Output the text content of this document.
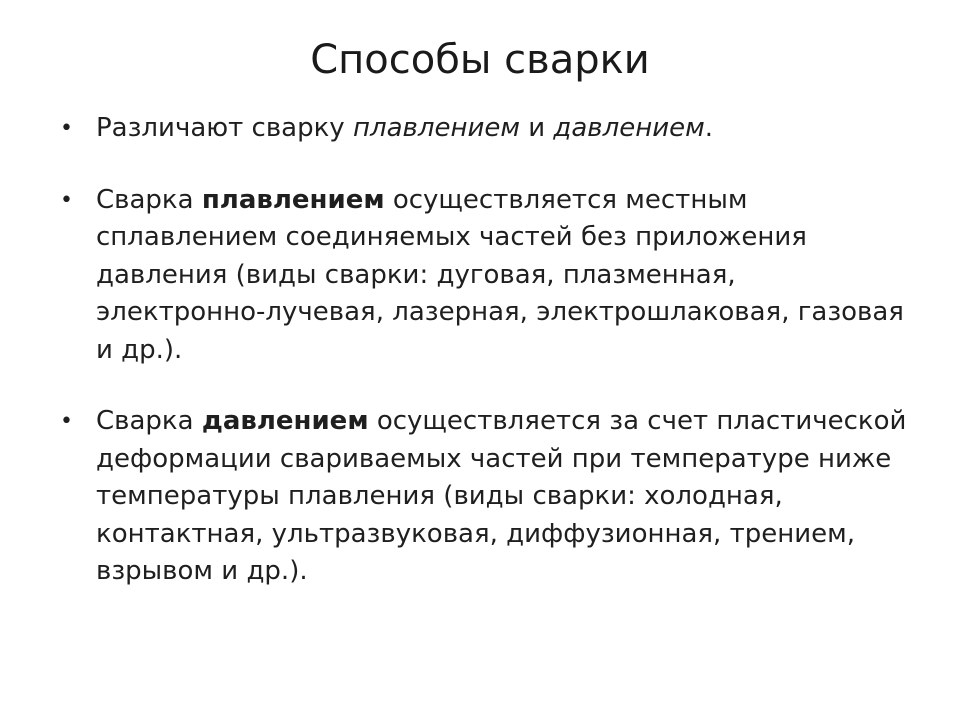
Способы сварки
• Различают сварку плавлением и давлением.
• Сварка плавлением осуществляется местным сплавлением соединяемых частей без приложения давления (виды сварки: дуговая, плазменная, электронно-лучевая, лазерная, электрошлаковая, газовая и др.).
• Сварка давлением осуществляется за счет пластической деформации свариваемых частей при температуре ниже температуры плавления (виды сварки: холодная, контактная, ультразвуковая, диффузионная, трением, взрывом и др.).
